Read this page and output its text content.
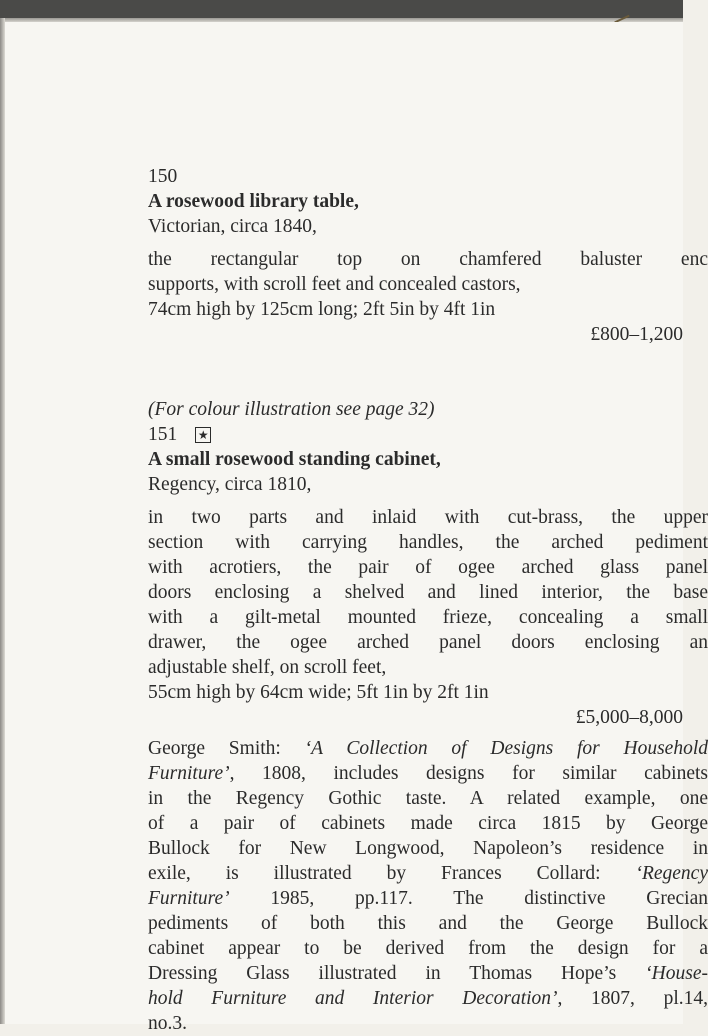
150
A rosewood library table,
Victorian, circa 1840,
the rectangular top on chamfered baluster enc
supports, with scroll feet and concealed castors,
74cm high by 125cm long; 2ft 5in by 4ft 1in
£800–1,200
(For colour illustration see page 32)
151 ★
A small rosewood standing cabinet,
Regency, circa 1810,
in two parts and inlaid with cut-brass, the upper
section with carrying handles, the arched pediment
with acrotiers, the pair of ogee arched glass panel
doors enclosing a shelved and lined interior, the base
with a gilt-metal mounted frieze, concealing a small
drawer, the ogee arched panel doors enclosing an
adjustable shelf, on scroll feet,
55cm high by 64cm wide; 5ft 1in by 2ft 1in
£5,000–8,000
George Smith: ‘A Collection of Designs for Household
Furniture’, 1808, includes designs for similar cabinets
in the Regency Gothic taste. A related example, one
of a pair of cabinets made circa 1815 by George
Bullock for New Longwood, Napoleon’s residence in
exile, is illustrated by Frances Collard: ‘Regency
Furniture’ 1985, pp.117. The distinctive Grecian
pediments of both this and the George Bullock
cabinet appear to be derived from the design for a
Dressing Glass illustrated in Thomas Hope’s ‘House-
hold Furniture and Interior Decoration’, 1807, pl.14,
no.3.
